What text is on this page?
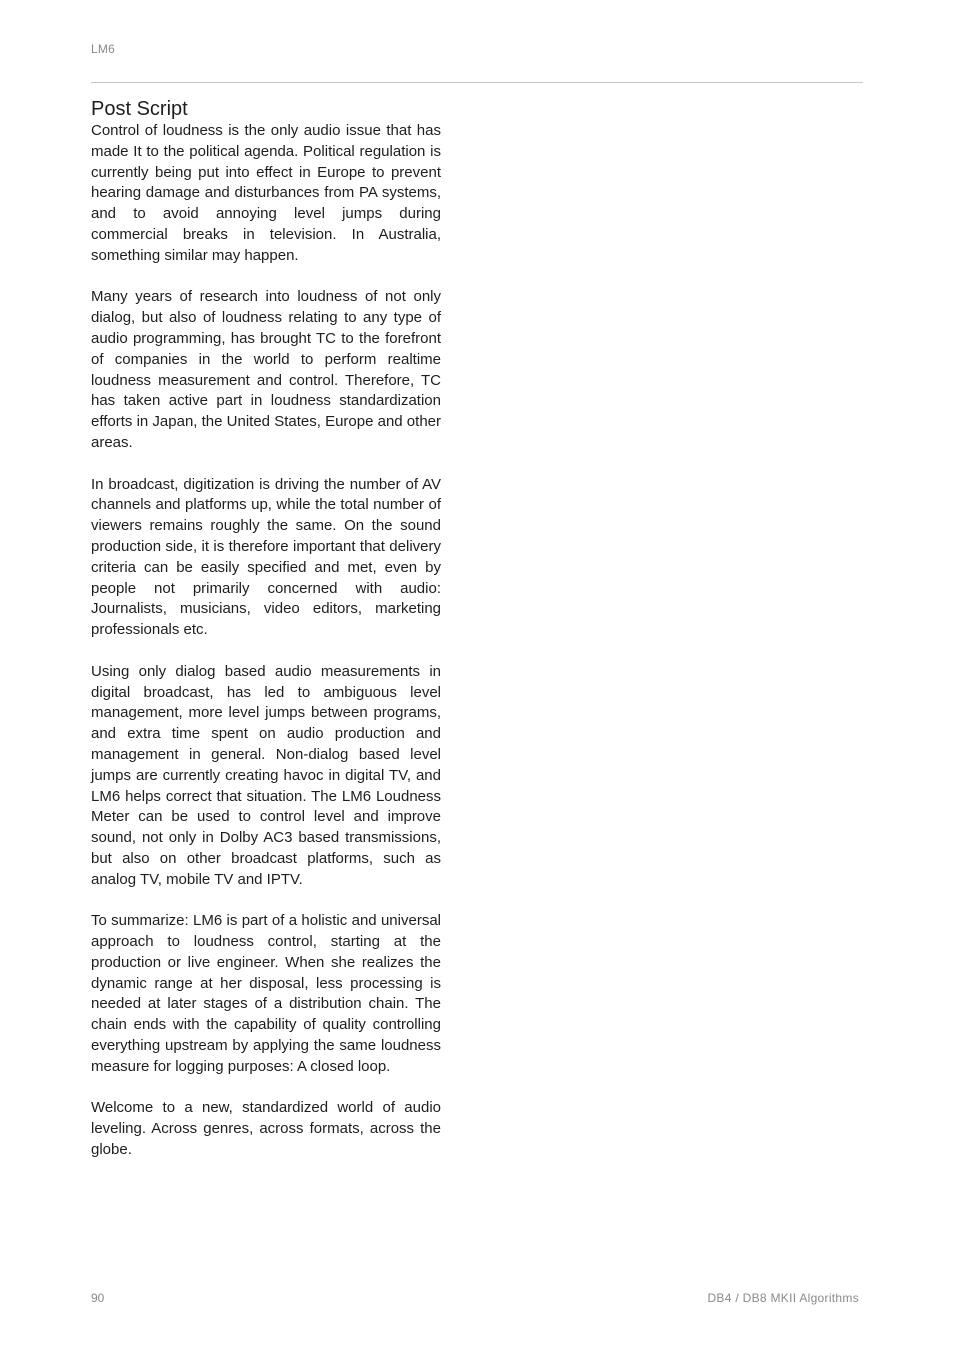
LM6
Post Script

Control of loudness is the only audio issue that has made It to the political agenda. Political regulation is currently being put into effect in Europe to prevent hearing damage and disturbances from PA systems, and to avoid annoying level jumps during commercial breaks in television. In Australia, something similar may happen.

Many years of research into loudness of not only dialog, but also of loudness relating to any type of audio programming, has brought TC to the forefront of companies in the world to perform realtime loudness measurement and control. Therefore, TC has taken active part in loudness standardization efforts in Japan, the United States, Europe and other areas.

In broadcast, digitization is driving the number of AV channels and platforms up, while the total number of viewers remains roughly the same. On the sound production side, it is therefore important that delivery criteria can be easily specified and met, even by people not primarily concerned with audio: Journalists, musicians, video editors, marketing professionals etc.

Using only dialog based audio measurements in digital broadcast, has led to ambiguous level management, more level jumps between programs, and extra time spent on audio production and management in general. Non-dialog based level jumps are currently creating havoc in digital TV, and LM6 helps correct that situation. The LM6 Loudness Meter can be used to control level and improve sound, not only in Dolby AC3 based transmissions, but also on other broadcast platforms, such as analog TV, mobile TV and IPTV.

To summarize: LM6 is part of a holistic and universal approach to loudness control, starting at the production or live engineer. When she realizes the dynamic range at her disposal, less processing is needed at later stages of a distribution chain. The chain ends with the capability of quality controlling everything upstream by applying the same loudness measure for logging purposes: A closed loop.

Welcome to a new, standardized world of audio leveling. Across genres, across formats, across the globe.

90	DB4 / DB8 MKII Algorithms
